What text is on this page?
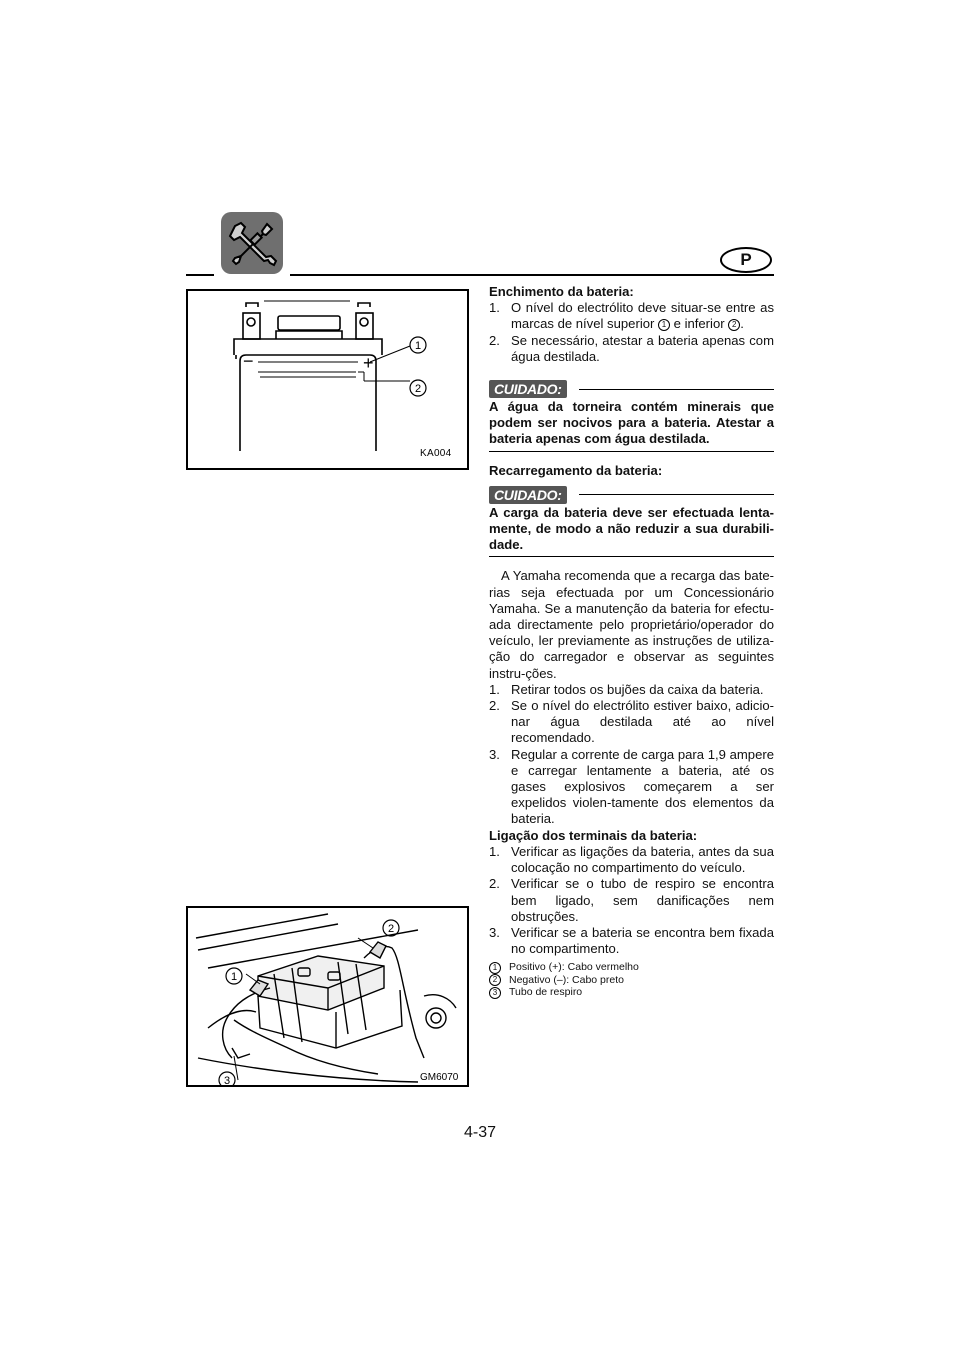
P
−	+
1
2
KA004
2
1
3	GM6070

Enchimento da bateria:

1. O nível do electrólito deve situar-se entre as marcas de nível superior 1 e inferior 2 .
2. Se necessário, atestar a bateria apenas com água destilada.
CUIDADO:

A água da torneira contém minerais que podem ser nocivos para a bateria. Atestar a bateria apenas com água destilada.

Recarregamento da bateria:

CUIDADO:

A carga da bateria deve ser efectuada lenta-mente, de modo a não reduzir a sua durabili-dade.

A Yamaha recomenda que a recarga das bate-rias seja efectuada por um Concessionário Yamaha. Se a manutenção da bateria for efectu-ada directamente pelo proprietário/operador do veículo, ler previamente as instruções de utiliza-ção do carregador e observar as seguintes instru-ções.

1. Retirar todos os bujões da caixa da bateria.
2. Se o nível do electrólito estiver baixo, adicio-nar água destilada até ao nível recomendado.
3. Regular a corrente de carga para 1,9 ampere e carregar lentamente a bateria, até os gases explosivos começarem a ser expelidos violen-tamente dos elementos da bateria.

Ligação dos terminais da bateria:

1. Verificar as ligações da bateria, antes da sua colocação no compartimento do veículo.
2. Verificar se o tubo de respiro se encontra bem ligado, sem danificações nem obstruções.
3. Verificar se a bateria se encontra bem fixada no compartimento.
1	Positivo (+): Cabo vermelho
2	Negativo (–): Cabo preto
3	Tubo de respiro
4-37
